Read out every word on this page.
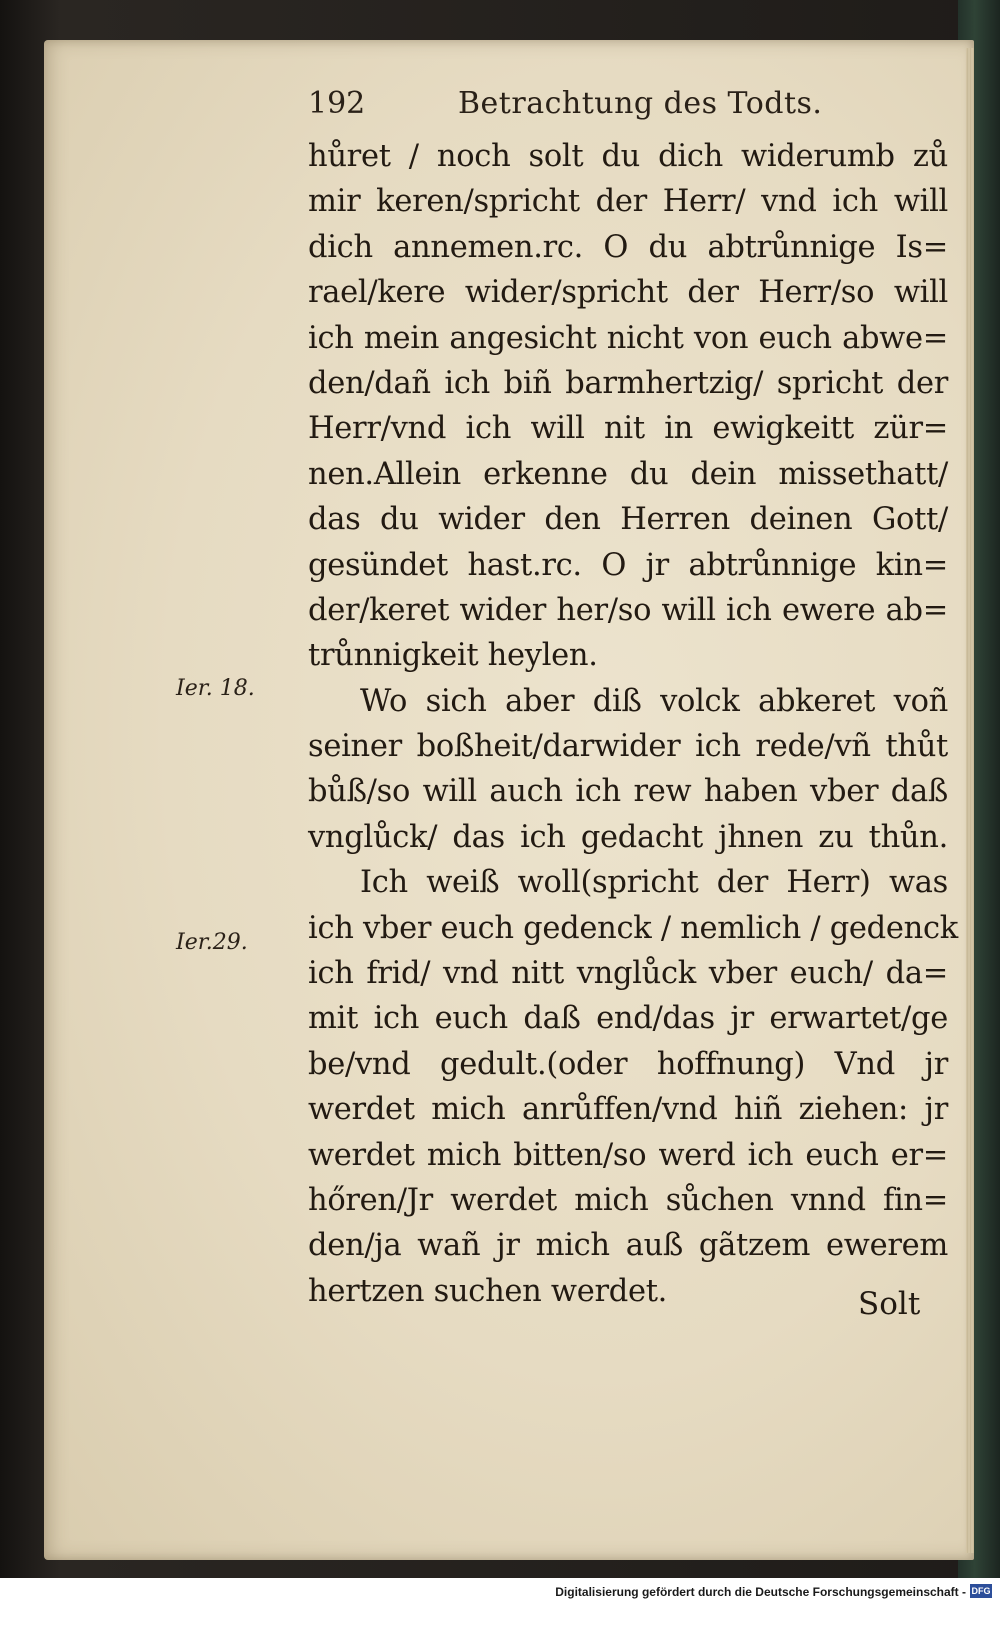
192	Betrachtung des Todts.
hůret / noch solt du dich widerumb zů
mir keren/spricht der Herr/ vnd ich will
dich annemen.rc. O du abtrůnnige Is=
rael/kere wider/spricht der Herr/so will
ich mein angesicht nicht von euch abwe=
den/dañ ich biñ barmhertzig/ spricht der
Herr/vnd ich will nit in ewigkeitt zür=
nen.Allein erkenne du dein missethatt/
das du wider den Herren deinen Gott/
gesündet hast.rc. O jr abtrůnnige kin=
der/keret wider her/so will ich ewere ab=
trůnnigkeit heylen.
Wo sich aber diß volck abkeret voñ
seiner boßheit/darwider ich rede/vñ thůt
bůß/so will auch ich rew haben vber daß
vnglůck/ das ich gedacht jhnen zu thůn.
Ich weiß woll(spricht der Herr) was
ich vber euch gedenck / nemlich / gedenck
ich frid/ vnd nitt vnglůck vber euch/ da=
mit ich euch daß end/das jr erwartet/ge
be/vnd gedult.(oder hoffnung) Vnd jr
werdet mich anrůffen/vnd hiñ ziehen: jr
werdet mich bitten/so werd ich euch er=
hőren/Jr werdet mich sůchen vnnd fin=
den/ja wañ jr mich auß gãtzem ewerem
hertzen suchen werdet.
Ier. 18.
Ier.29.
Solt
Digitalisierung gefördert durch die Deutsche Forschungsgemeinschaft - DFG
